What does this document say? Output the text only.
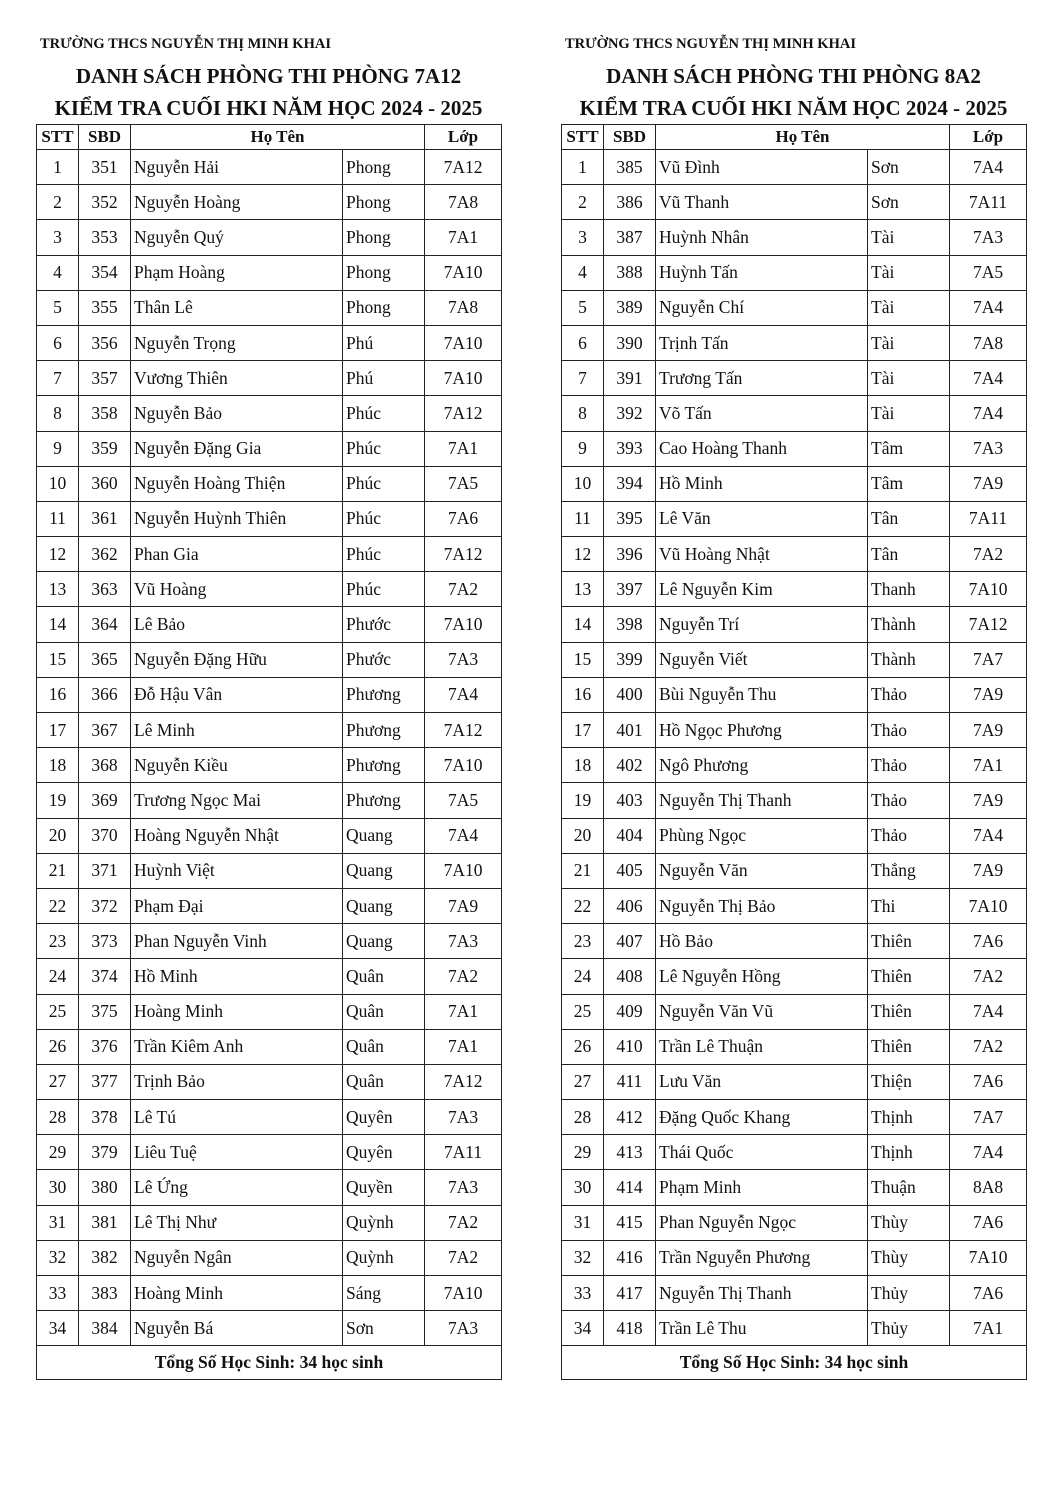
TRƯỜNG THCS NGUYỄN THỊ MINH KHAI
DANH SÁCH PHÒNG THI PHÒNG 7A12
KIỂM TRA CUỐI HKI NĂM HỌC 2024 - 2025
STT	SBD	Họ Tên		Lớp
1	351	Nguyễn Hải	Phong	7A12
2	352	Nguyễn Hoàng	Phong	7A8
3	353	Nguyễn Quý	Phong	7A1
4	354	Phạm Hoàng	Phong	7A10
5	355	Thân Lê	Phong	7A8
6	356	Nguyễn Trọng	Phú	7A10
7	357	Vương Thiên	Phú	7A10
8	358	Nguyễn Bảo	Phúc	7A12
9	359	Nguyễn Đặng Gia	Phúc	7A1
10	360	Nguyễn Hoàng Thiện	Phúc	7A5
11	361	Nguyễn Huỳnh Thiên	Phúc	7A6
12	362	Phan Gia	Phúc	7A12
13	363	Vũ Hoàng	Phúc	7A2
14	364	Lê Bảo	Phước	7A10
15	365	Nguyễn Đặng Hữu	Phước	7A3
16	366	Đỗ Hậu Vân	Phương	7A4
17	367	Lê Minh	Phương	7A12
18	368	Nguyễn Kiều	Phương	7A10
19	369	Trương Ngọc Mai	Phương	7A5
20	370	Hoàng Nguyễn Nhật	Quang	7A4
21	371	Huỳnh Việt	Quang	7A10
22	372	Phạm Đại	Quang	7A9
23	373	Phan Nguyễn Vinh	Quang	7A3
24	374	Hồ Minh	Quân	7A2
25	375	Hoàng Minh	Quân	7A1
26	376	Trần Kiêm Anh	Quân	7A1
27	377	Trịnh Bảo	Quân	7A12
28	378	Lê Tú	Quyên	7A3
29	379	Liêu Tuệ	Quyên	7A11
30	380	Lê Ứng	Quyền	7A3
31	381	Lê Thị Như	Quỳnh	7A2
32	382	Nguyễn Ngân	Quỳnh	7A2
33	383	Hoàng Minh	Sáng	7A10
34	384	Nguyễn Bá	Sơn	7A3
Tổng Số Học Sinh: 34 học sinh				
TRƯỜNG THCS NGUYỄN THỊ MINH KHAI
DANH SÁCH PHÒNG THI PHÒNG 8A2
KIỂM TRA CUỐI HKI NĂM HỌC 2024 - 2025
STT	SBD	Họ Tên		Lớp
1	385	Vũ Đình	Sơn	7A4
2	386	Vũ Thanh	Sơn	7A11
3	387	Huỳnh Nhân	Tài	7A3
4	388	Huỳnh Tấn	Tài	7A5
5	389	Nguyễn Chí	Tài	7A4
6	390	Trịnh Tấn	Tài	7A8
7	391	Trương Tấn	Tài	7A4
8	392	Võ Tấn	Tài	7A4
9	393	Cao Hoàng Thanh	Tâm	7A3
10	394	Hồ Minh	Tâm	7A9
11	395	Lê Văn	Tân	7A11
12	396	Vũ Hoàng Nhật	Tân	7A2
13	397	Lê Nguyễn Kim	Thanh	7A10
14	398	Nguyễn Trí	Thành	7A12
15	399	Nguyễn Viết	Thành	7A7
16	400	Bùi Nguyễn Thu	Thảo	7A9
17	401	Hồ Ngọc Phương	Thảo	7A9
18	402	Ngô Phương	Thảo	7A1
19	403	Nguyễn Thị Thanh	Thảo	7A9
20	404	Phùng Ngọc	Thảo	7A4
21	405	Nguyễn Văn	Thắng	7A9
22	406	Nguyễn Thị Bảo	Thi	7A10
23	407	Hồ Bảo	Thiên	7A6
24	408	Lê Nguyễn Hồng	Thiên	7A2
25	409	Nguyễn Văn Vũ	Thiên	7A4
26	410	Trần Lê Thuận	Thiên	7A2
27	411	Lưu Văn	Thiện	7A6
28	412	Đặng Quốc Khang	Thịnh	7A7
29	413	Thái Quốc	Thịnh	7A4
30	414	Phạm Minh	Thuận	8A8
31	415	Phan Nguyễn Ngọc	Thùy	7A6
32	416	Trần Nguyễn Phương	Thùy	7A10
33	417	Nguyễn Thị Thanh	Thủy	7A6
34	418	Trần Lê Thu	Thủy	7A1
Tổng Số Học Sinh: 34 học sinh				
